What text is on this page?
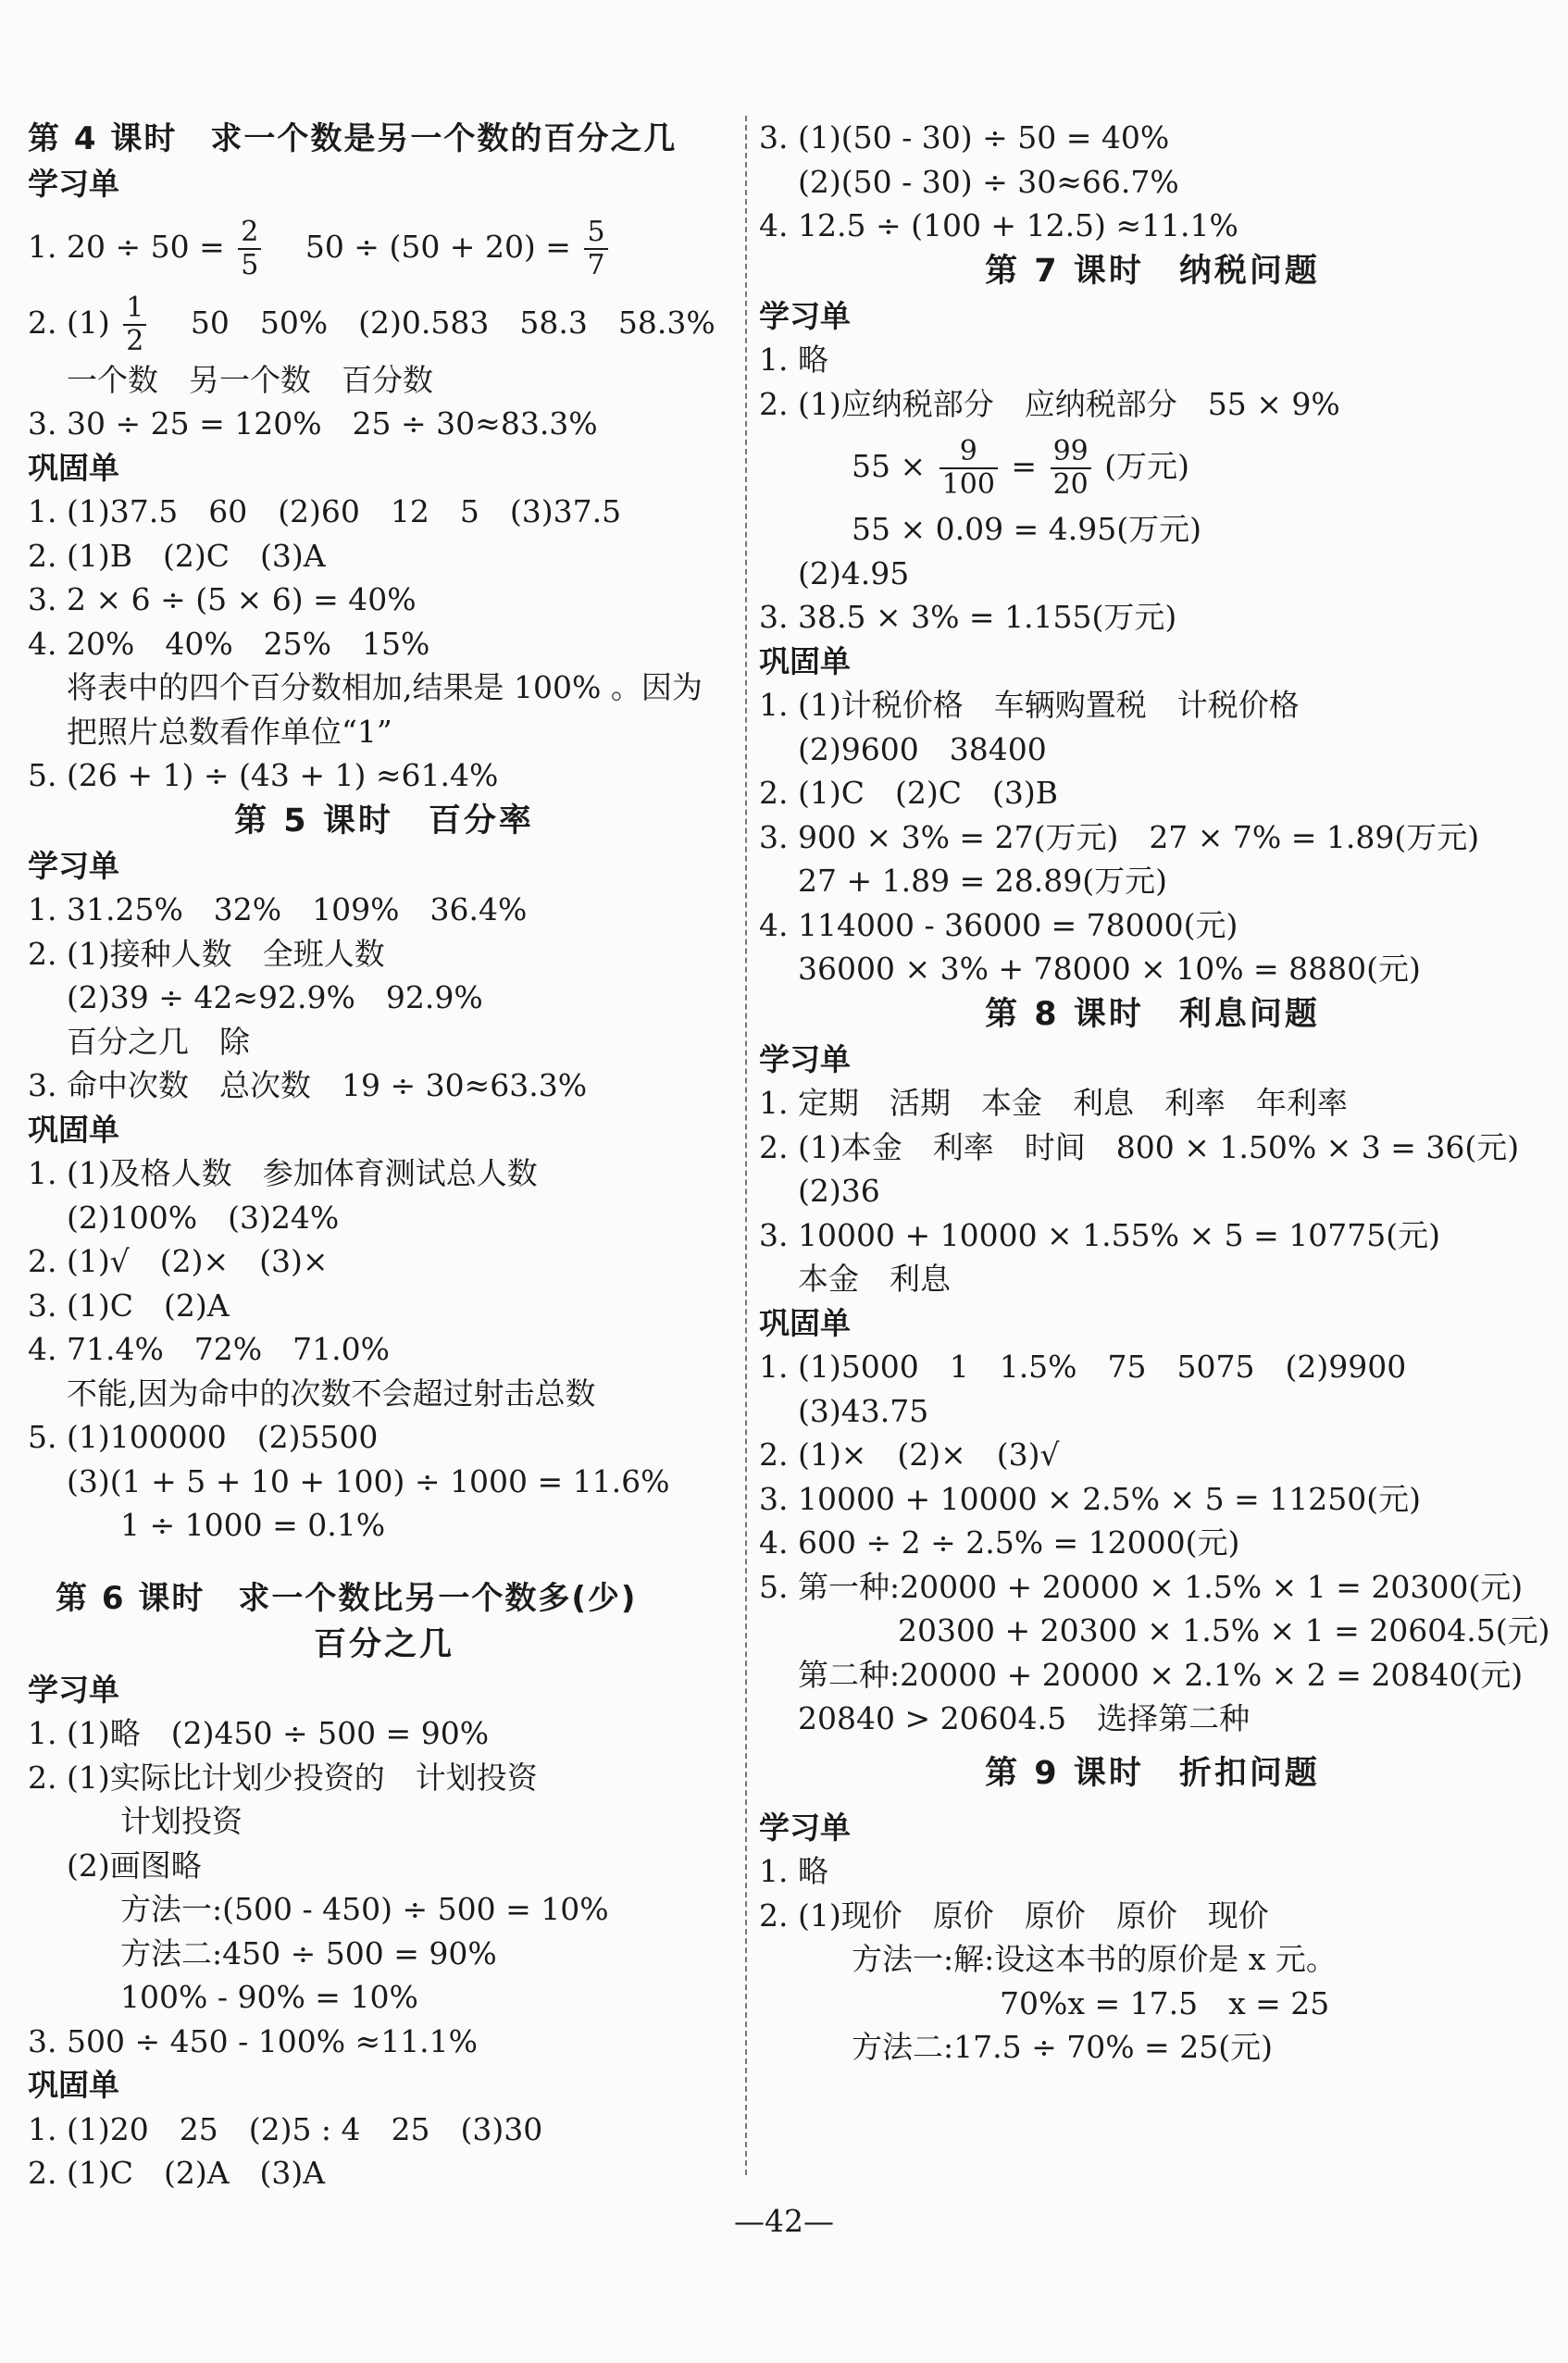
第 4 课时　求一个数是另一个数的百分之几
学习单
1. $20 \div 50 = \frac{2}{5}$ 　$50 \div (50 + 20) = \frac{5}{7}$
2. $(1) \frac{1}{2}$ 　50　50%　(2)0.583　58.3　58.3%
一个数　另一个数　百分数
3. 30 ÷ 25 = 120%　25 ÷ 30≈83.3%
巩固单
1. (1)37.5　60　(2)60　12　5　(3)37.5
2. (1)B　(2)C　(3)A
3. 2 × 6 ÷ (5 × 6) = 40%
4. 20%　40%　25%　15%
将表中的四个百分数相加,结果是 100% 。因为
把照片总数看作单位“1”
5. (26 + 1) ÷ (43 + 1) ≈61.4%
第 5 课时　百分率
学习单
1. 31.25%　32%　109%　36.4%
2. (1)接种人数　全班人数
(2)39 ÷ 42≈92.9%　92.9%
百分之几　除
3. 命中次数　总次数　19 ÷ 30≈63.3%
巩固单
1. (1)及格人数　参加体育测试总人数
(2)100%　(3)24%
2. (1)√　(2)×　(3)×
3. (1)C　(2)A
4. 71.4%　72%　71.0%
不能,因为命中的次数不会超过射击总数
5. (1)100000　(2)5500
(3)(1 + 5 + 10 + 100) ÷ 1000 = 11.6%
1 ÷ 1000 = 0.1%
第 6 课时　求一个数比另一个数多(少)
百分之几
学习单
1. (1)略　(2)450 ÷ 500 = 90%
2. (1)实际比计划少投资的　计划投资
计划投资
(2)画图略
方法一:(500 - 450) ÷ 500 = 10%
方法二:450 ÷ 500 = 90%
100% - 90% = 10%
3. 500 ÷ 450 - 100% ≈11.1%
巩固单
1. (1)20　25　(2)5 : 4　25　(3)30
2. (1)C　(2)A　(3)A
3. (1)(50 - 30) ÷ 50 = 40%
(2)(50 - 30) ÷ 30≈66.7%
4. 12.5 ÷ (100 + 12.5) ≈11.1%
第 7 课时　纳税问题
学习单
1. 略
2. (1)应纳税部分　应纳税部分　55 × 9%
$55 \times \frac{9}{100} = \frac{99}{20}$ (万元)
55 × 0.09 = 4.95(万元)
(2)4.95
3. 38.5 × 3% = 1.155(万元)
巩固单
1. (1)计税价格　车辆购置税　计税价格
(2)9600　38400
2. (1)C　(2)C　(3)B
3. 900 × 3% = 27(万元)　27 × 7% = 1.89(万元)
27 + 1.89 = 28.89(万元)
4. 114000 - 36000 = 78000(元)
36000 × 3% + 78000 × 10% = 8880(元)
第 8 课时　利息问题
学习单
1. 定期　活期　本金　利息　利率　年利率
2. (1)本金　利率　时间　800 × 1.50% × 3 = 36(元)
(2)36
3. 10000 + 10000 × 1.55% × 5 = 10775(元)
本金　利息
巩固单
1. (1)5000　1　1.5%　75　5075　(2)9900
(3)43.75
2. (1)×　(2)×　(3)√
3. 10000 + 10000 × 2.5% × 5 = 11250(元)
4. 600 ÷ 2 ÷ 2.5% = 12000(元)
5. 第一种:20000 + 20000 × 1.5% × 1 = 20300(元)
20300 + 20300 × 1.5% × 1 = 20604.5(元)
第二种:20000 + 20000 × 2.1% × 2 = 20840(元)
20840 > 20604.5　选择第二种
第 9 课时　折扣问题
学习单
1. 略
2. (1)现价　原价　原价　原价　现价
方法一:解:设这本书的原价是 x 元。
70%x = 17.5　x = 25
方法二:17.5 ÷ 70% = 25(元)
—42—
